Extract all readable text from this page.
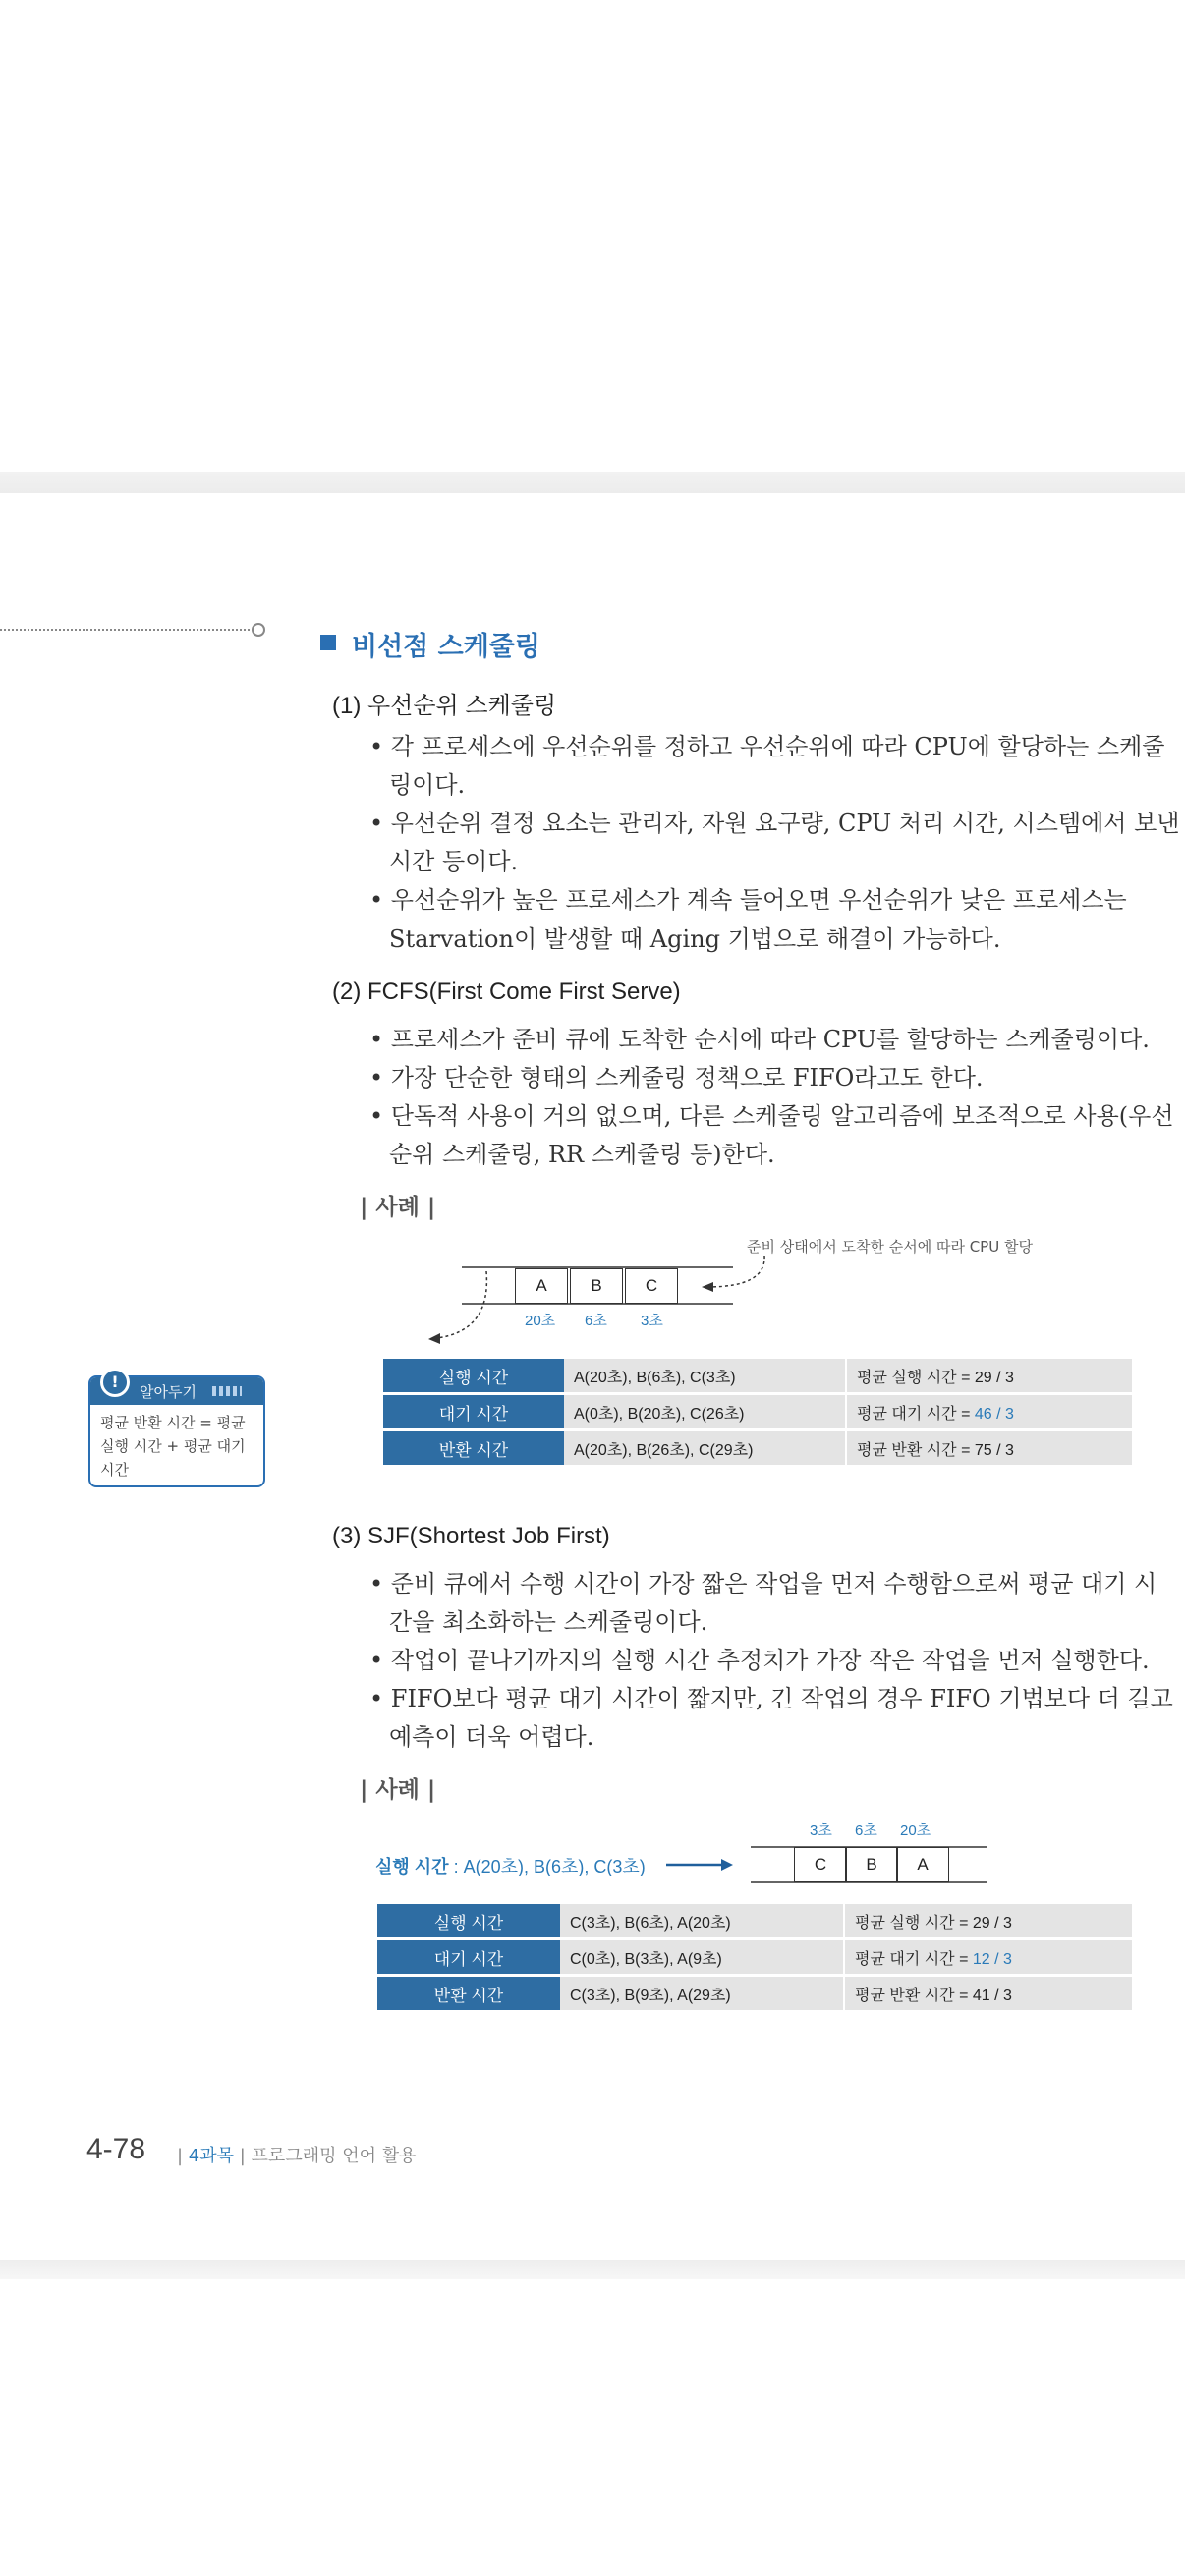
비선점 스케줄링
(1) 우선순위 스케줄링
• 각 프로세스에 우선순위를 정하고 우선순위에 따라 CPU에 할당하는 스케줄
링이다.
• 우선순위 결정 요소는 관리자, 자원 요구량, CPU 처리 시간, 시스템에서 보낸
시간 등이다.
• 우선순위가 높은 프로세스가 계속 들어오면 우선순위가 낮은 프로세스는
Starvation이 발생할 때 Aging 기법으로 해결이 가능하다.
(2) FCFS(First Come First Serve)
• 프로세스가 준비 큐에 도착한 순서에 따라 CPU를 할당하는 스케줄링이다.
• 가장 단순한 형태의 스케줄링 정책으로 FIFO라고도 한다.
• 단독적 사용이 거의 없으며, 다른 스케줄링 알고리즘에 보조적으로 사용(우선
순위 스케줄링, RR 스케줄링 등)한다.
| 사례 |
준비 상태에서 도착한 순서에 따라 CPU 할당
A	B	C
20초 6초 3초
실행 시간	A(20초), B(6초), C(3초)	평균 실행 시간 = 29 / 3
대기 시간	A(0초), B(20초), C(26초)	평균 대기 시간 = 46 / 3
반환 시간	A(20초), B(26초), C(29초)	평균 반환 시간 = 75 / 3
!
알아두기
평균 반환 시간 = 평균 실행 시간 + 평균 대기 시간
(3) SJF(Shortest Job First)
• 준비 큐에서 수행 시간이 가장 짧은 작업을 먼저 수행함으로써 평균 대기 시
간을 최소화하는 스케줄링이다.
• 작업이 끝나기까지의 실행 시간 추정치가 가장 작은 작업을 먼저 실행한다.
• FIFO보다 평균 대기 시간이 짧지만, 긴 작업의 경우 FIFO 기법보다 더 길고
예측이 더욱 어렵다.
| 사례 |
실행 시간 : A(20초), B(6초), C(3초)	C	B	A
3초 6초 20초
실행 시간	C(3초), B(6초), A(20초)	평균 실행 시간 = 29 / 3
대기 시간	C(0초), B(3초), A(9초)	평균 대기 시간 = 12 / 3
반환 시간	C(3초), B(9초), A(29초)	평균 반환 시간 = 41 / 3
4-78 | 4과목 | 프로그래밍 언어 활용
